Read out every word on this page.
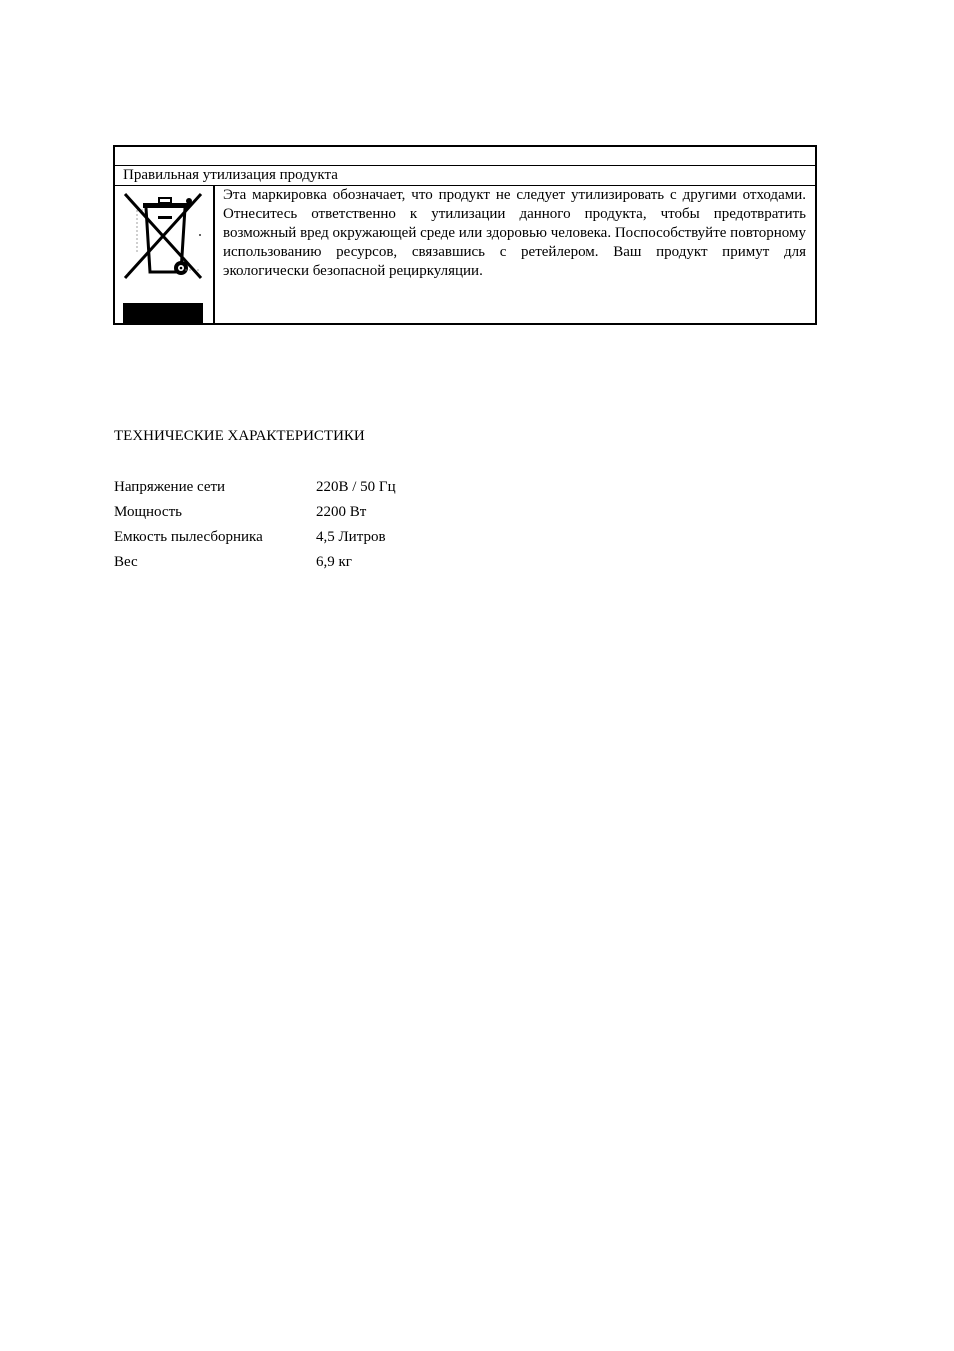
Правильная утилизация продукта
Эта маркировка обозначает, что продукт не следует утилизировать с другими отходами. Отнеситесь ответственно к утилизации данного продукта, чтобы предотвратить возможный вред окружающей среде или здоровью человека. Поспособствуйте повторному использованию ресурсов, связавшись с ретейлером. Ваш продукт примут для экологически безопасной рециркуляции.
ТЕХНИЧЕСКИЕ ХАРАКТЕРИСТИКИ
Напряжение сети	220В / 50 Гц
Мощность	2200 Вт
Емкость пылесборника	4,5 Литров
Вес	6,9 кг
